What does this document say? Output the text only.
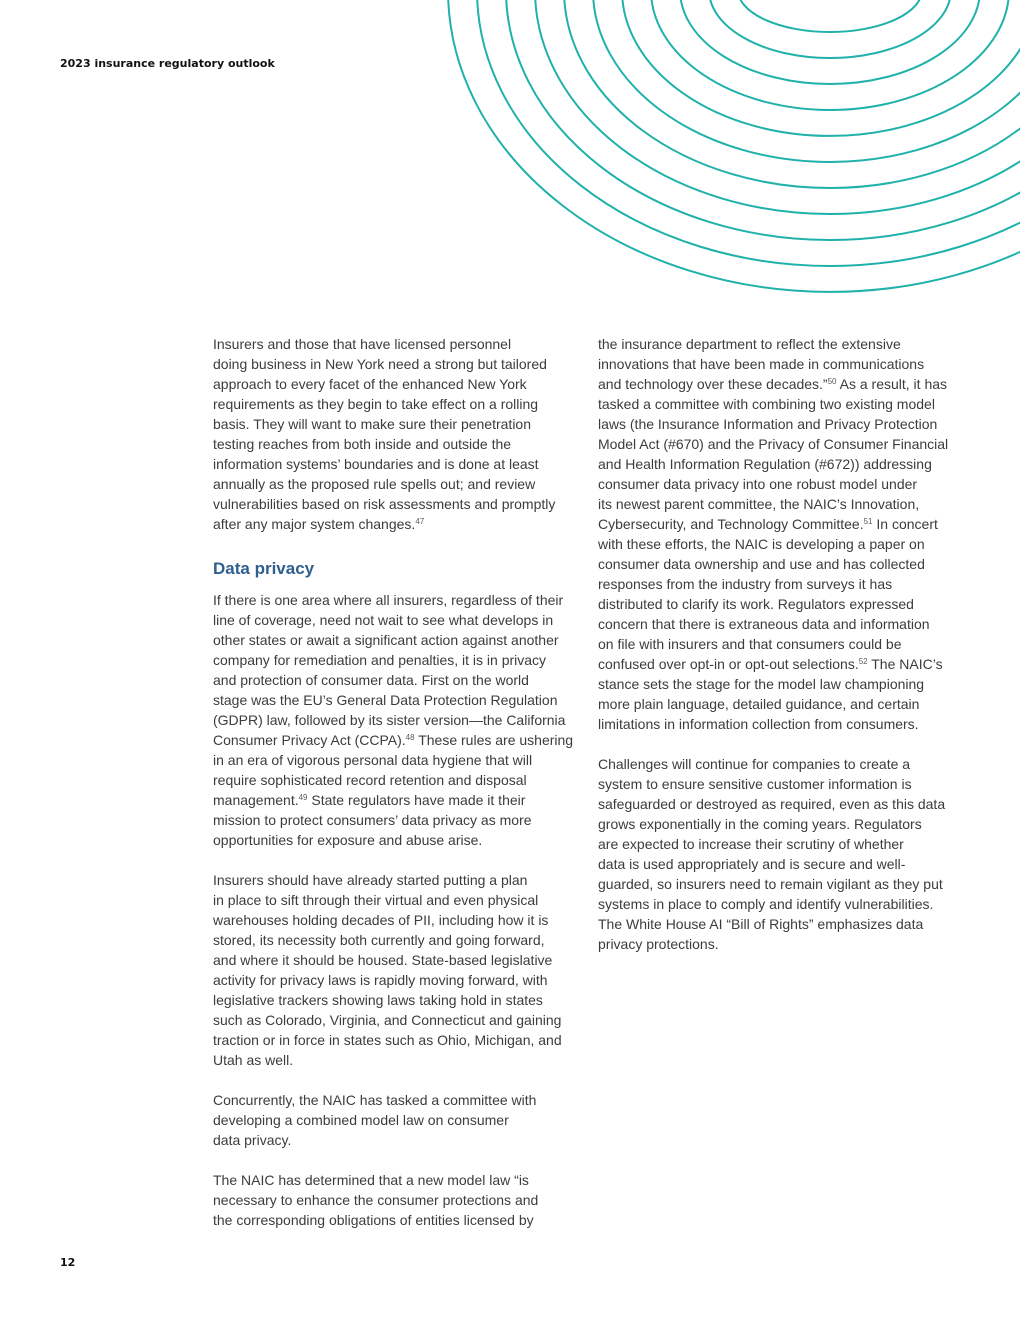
2023 insurance regulatory outlook
Insurers and those that have licensed personnel
doing business in New York need a strong but tailored
approach to every facet of the enhanced New York
requirements as they begin to take effect on a rolling
basis. They will want to make sure their penetration
testing reaches from both inside and outside the
information systems’ boundaries and is done at least
annually as the proposed rule spells out; and review
vulnerabilities based on risk assessments and promptly
after any major system changes.$^{47}$
Data privacy
If there is one area where all insurers, regardless of their
line of coverage, need not wait to see what develops in
other states or await a significant action against another
company for remediation and penalties, it is in privacy
and protection of consumer data. First on the world
stage was the EU’s General Data Protection Regulation
(GDPR) law, followed by its sister version—the California
Consumer Privacy Act (CCPA).$^{48}$ These rules are ushering
in an era of vigorous personal data hygiene that will
require sophisticated record retention and disposal
management.$^{49}$ State regulators have made it their
mission to protect consumers’ data privacy as more
opportunities for exposure and abuse arise.
Insurers should have already started putting a plan
in place to sift through their virtual and even physical
warehouses holding decades of PII, including how it is
stored, its necessity both currently and going forward,
and where it should be housed. State-based legislative
activity for privacy laws is rapidly moving forward, with
legislative trackers showing laws taking hold in states
such as Colorado, Virginia, and Connecticut and gaining
traction or in force in states such as Ohio, Michigan, and
Utah as well.
Concurrently, the NAIC has tasked a committee with
developing a combined model law on consumer
data privacy.
The NAIC has determined that a new model law “is
necessary to enhance the consumer protections and
the corresponding obligations of entities licensed by
the insurance department to reflect the extensive
innovations that have been made in communications
and technology over these decades.”$^{50}$ As a result, it has
tasked a committee with combining two existing model
laws (the Insurance Information and Privacy Protection
Model Act (#670) and the Privacy of Consumer Financial
and Health Information Regulation (#672)) addressing
consumer data privacy into one robust model under
its newest parent committee, the NAIC’s Innovation,
Cybersecurity, and Technology Committee.$^{51}$ In concert
with these efforts, the NAIC is developing a paper on
consumer data ownership and use and has collected
responses from the industry from surveys it has
distributed to clarify its work. Regulators expressed
concern that there is extraneous data and information
on file with insurers and that consumers could be
confused over opt-in or opt-out selections.$^{52}$ The NAIC’s
stance sets the stage for the model law championing
more plain language, detailed guidance, and certain
limitations in information collection from consumers.
Challenges will continue for companies to create a
system to ensure sensitive customer information is
safeguarded or destroyed as required, even as this data
grows exponentially in the coming years. Regulators
are expected to increase their scrutiny of whether
data is used appropriately and is secure and well-
guarded, so insurers need to remain vigilant as they put
systems in place to comply and identify vulnerabilities.
The White House AI “Bill of Rights” emphasizes data
privacy protections.
12
